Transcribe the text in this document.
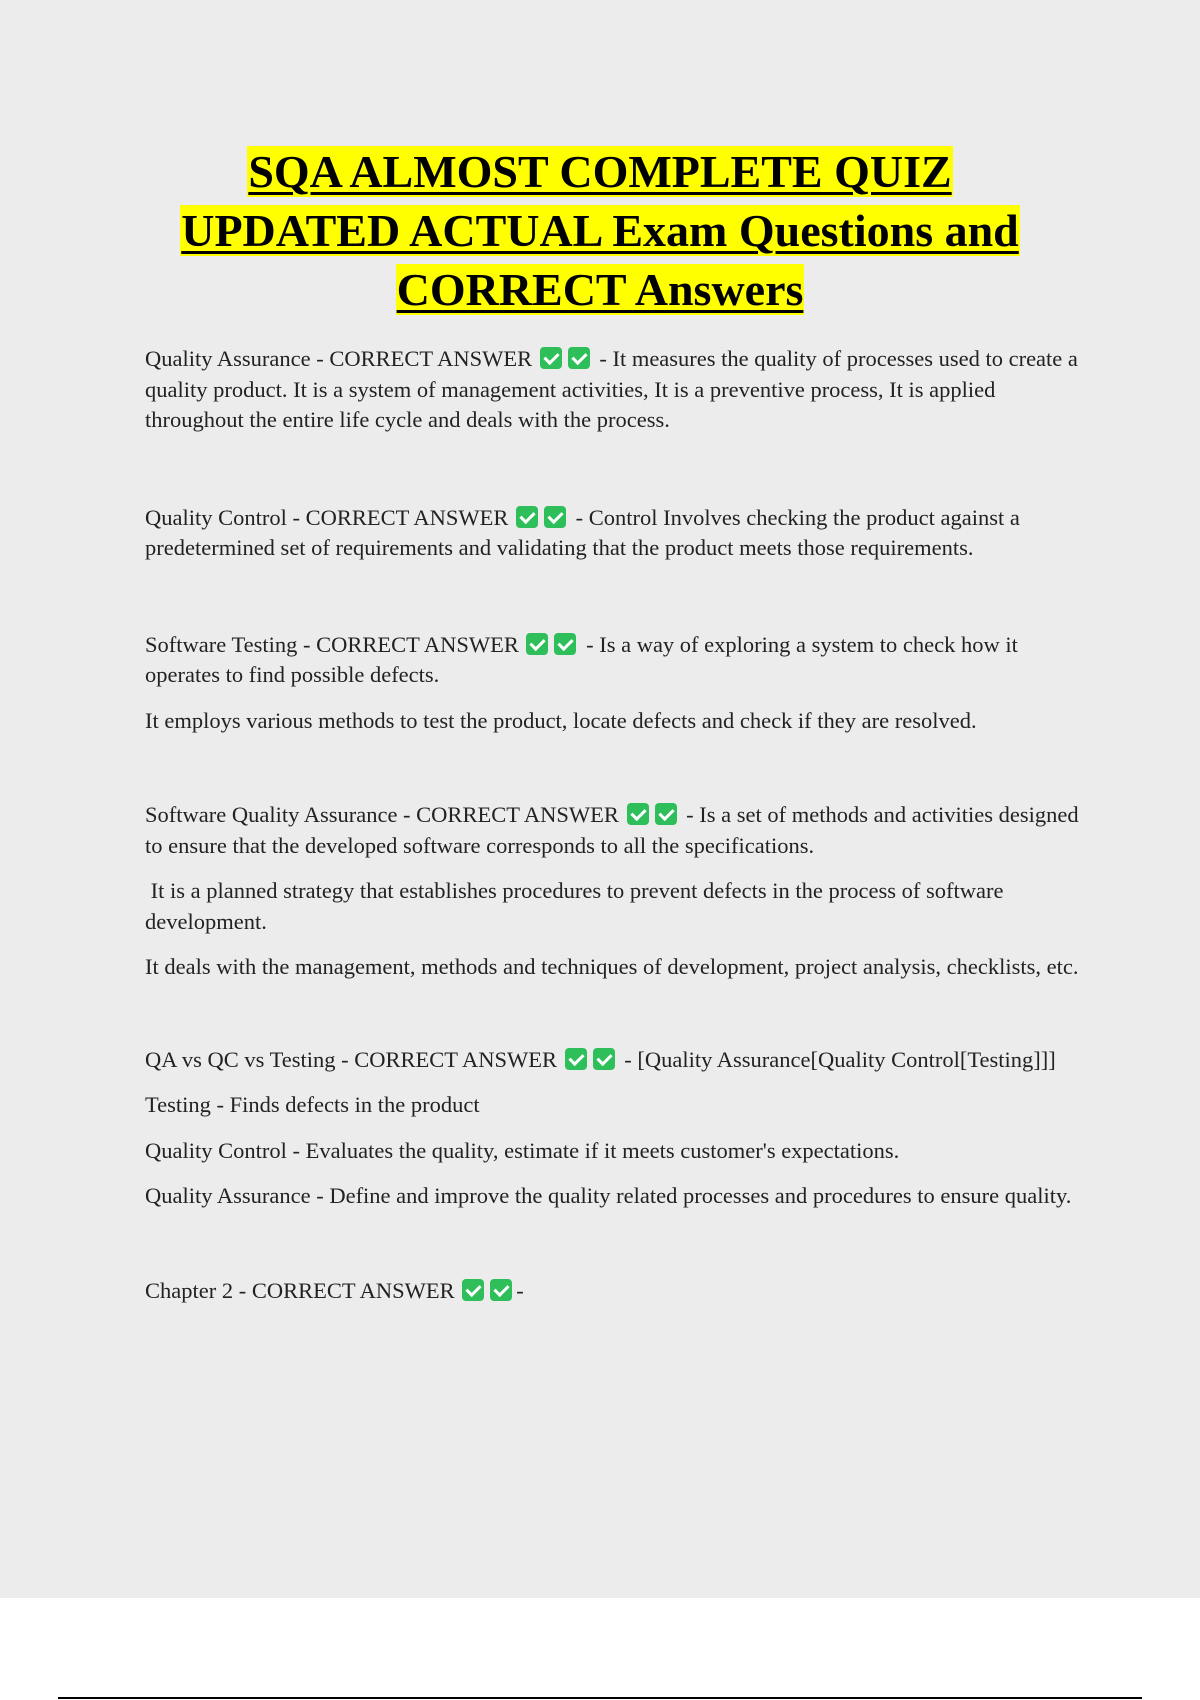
SQA ALMOST COMPLETE QUIZ
UPDATED ACTUAL Exam Questions and
CORRECT Answers

Quality Assurance - CORRECT ANSWER	- It measures the quality of processes used to create a quality product. It is a system of management activities, It is a preventive process, It is applied throughout the entire life cycle and deals with the process.

Quality Control - CORRECT ANSWER	- Control Involves checking the product against a predetermined set of requirements and validating that the product meets those requirements.

Software Testing - CORRECT ANSWER	- Is a way of exploring a system to check how it operates to find possible defects.

It employs various methods to test the product, locate defects and check if they are resolved.

Software Quality Assurance - CORRECT ANSWER	- Is a set of methods and activities designed to ensure that the developed software corresponds to all the specifications.

It is a planned strategy that establishes procedures to prevent defects in the process of software development.

It deals with the management, methods and techniques of development, project analysis, checklists, etc.

QA vs QC vs Testing - CORRECT ANSWER	- [Quality Assurance[Quality Control[Testing]]]

Testing - Finds defects in the product

Quality Control - Evaluates the quality, estimate if it meets customer's expectations.

Quality Assurance - Define and improve the quality related processes and procedures to ensure quality.

Chapter 2 - CORRECT ANSWER	-
